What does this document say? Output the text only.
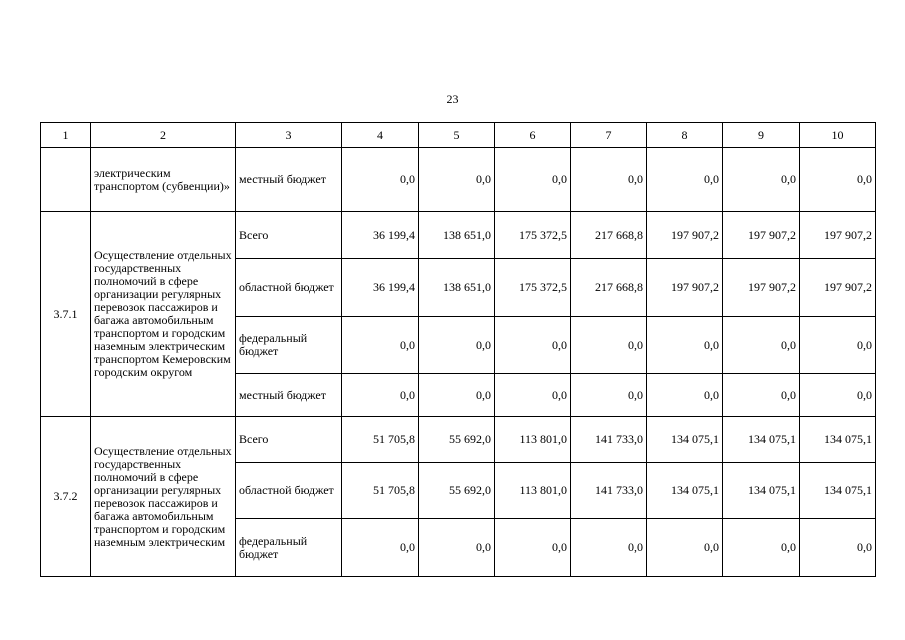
23
1	2	3	4	5	6	7	8	9	10
	электрическим транспортом (субвенции)»	местный бюджет	0,0	0,0	0,0	0,0	0,0	0,0	0,0
3.7.1	Осуществление отдельных государственных полномочий в сфере организации регулярных перевозок пассажиров и багажа автомобильным транспортом и городским наземным электрическим транспортом Кемеровским городским округом	Всего	36 199,4	138 651,0	175 372,5	217 668,8	197 907,2	197 907,2	197 907,2
		областной бюджет	36 199,4	138 651,0	175 372,5	217 668,8	197 907,2	197 907,2	197 907,2
		федеральный бюджет	0,0	0,0	0,0	0,0	0,0	0,0	0,0
		местный бюджет	0,0	0,0	0,0	0,0	0,0	0,0	0,0
3.7.2	Осуществление отдельных государственных полномочий в сфере организации регулярных перевозок пассажиров и багажа автомобильным транспортом и городским наземным электрическим	Всего	51 705,8	55 692,0	113 801,0	141 733,0	134 075,1	134 075,1	134 075,1
		областной бюджет	51 705,8	55 692,0	113 801,0	141 733,0	134 075,1	134 075,1	134 075,1
		федеральный бюджет	0,0	0,0	0,0	0,0	0,0	0,0	0,0
